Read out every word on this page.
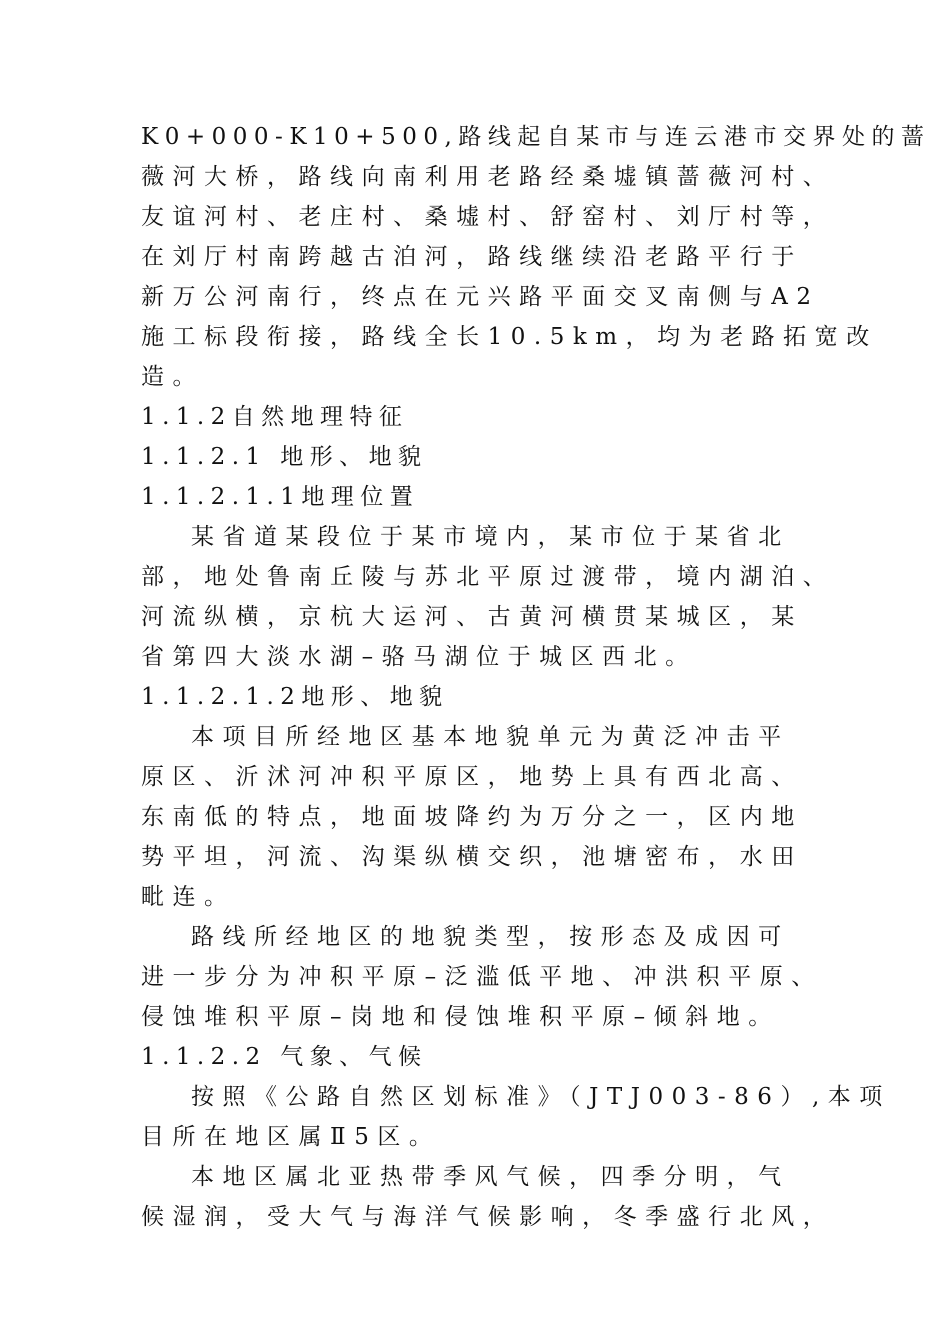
K0+000-K10+500,路线起自某市与连云港市交界处的蔷
薇河大桥，路线向南利用老路经桑墟镇蔷薇河村、
友谊河村、老庄村、桑墟村、舒窑村、刘厅村等，
在刘厅村南跨越古泊河，路线继续沿老路平行于
新万公河南行，终点在元兴路平面交叉南侧与A2
施工标段衔接，路线全长10.5km，均为老路拓宽改
造。
1.1.2自然地理特征
1.1.2.1 地形、地貌
1.1.2.1.1地理位置
某省道某段位于某市境内，某市位于某省北
部，地处鲁南丘陵与苏北平原过渡带，境内湖泊、
河流纵横，京杭大运河、古黄河横贯某城区，某
省第四大淡水湖–骆马湖位于城区西北。
1.1.2.1.2地形、地貌
本项目所经地区基本地貌单元为黄泛冲击平
原区、沂沭河冲积平原区，地势上具有西北高、
东南低的特点，地面坡降约为万分之一，区内地
势平坦，河流、沟渠纵横交织，池塘密布，水田
毗连。
路线所经地区的地貌类型，按形态及成因可
进一步分为冲积平原–泛滥低平地、冲洪积平原、
侵蚀堆积平原–岗地和侵蚀堆积平原–倾斜地。
1.1.2.2 气象、气候
按照《公路自然区划标准》（JTJ003-86）,本项
目所在地区属Ⅱ5区。
本地区属北亚热带季风气候，四季分明，气
候湿润，受大气与海洋气候影响，冬季盛行北风，
